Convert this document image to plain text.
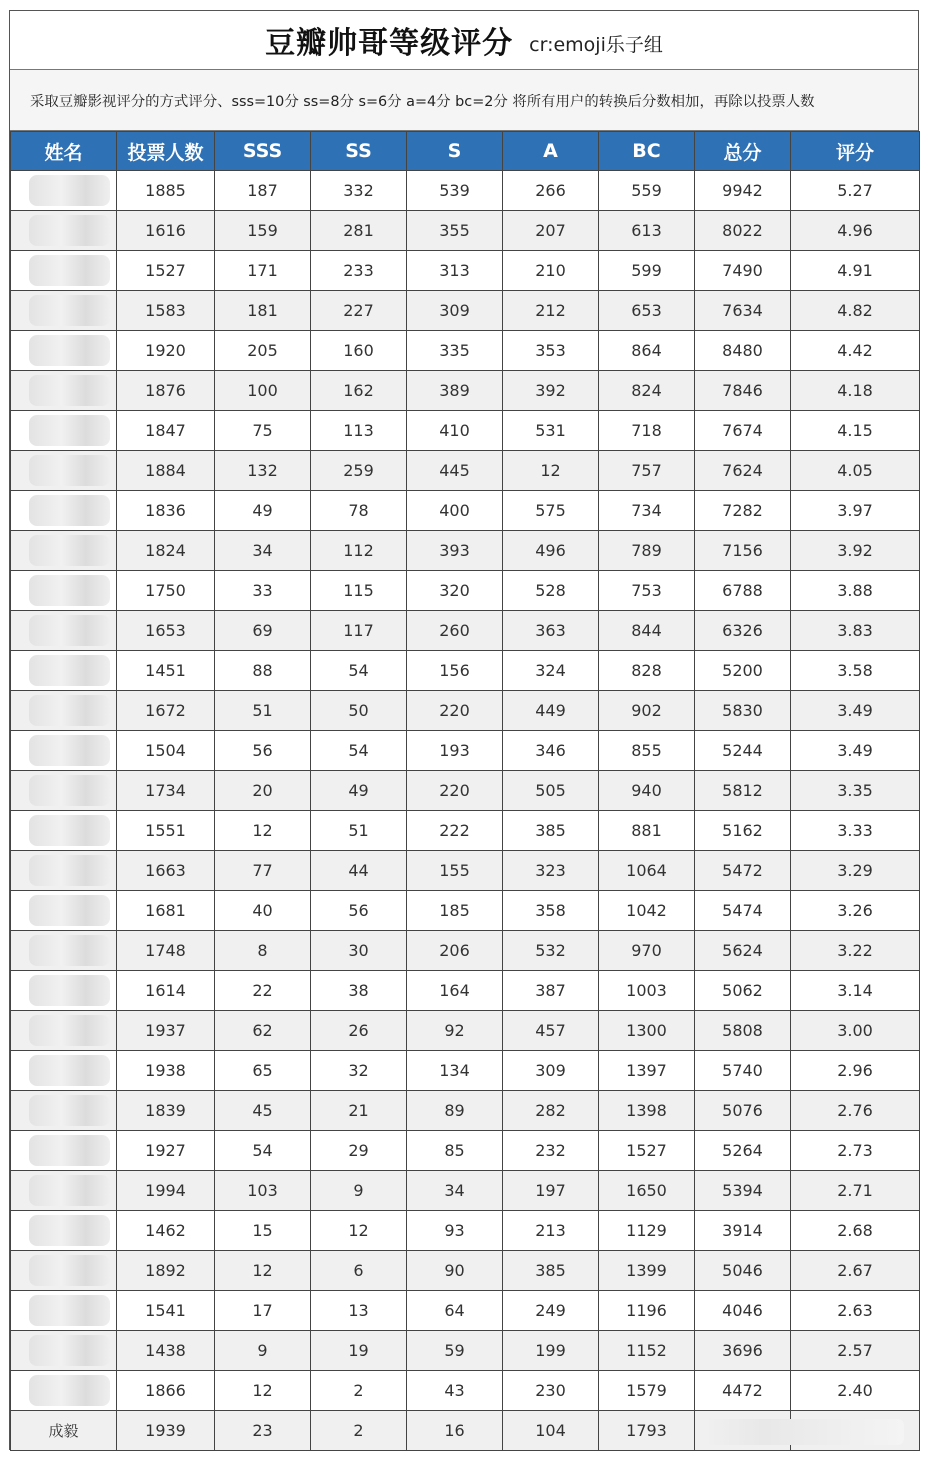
豆瓣帅哥等级评分 cr:emoji乐子组
采取豆瓣影视评分的方式评分、sss=10分 ss=8分 s=6分 a=4分 bc=2分 将所有用户的转换后分数相加，再除以投票人数
姓名	投票人数	SSS	SS	S	A	BC	总分	评分

	1885	187	332	539	266	559	9942	5.27

	1616	159	281	355	207	613	8022	4.96

	1527	171	233	313	210	599	7490	4.91

	1583	181	227	309	212	653	7634	4.82

	1920	205	160	335	353	864	8480	4.42

	1876	100	162	389	392	824	7846	4.18

	1847	75	113	410	531	718	7674	4.15

	1884	132	259	445	12	757	7624	4.05

	1836	49	78	400	575	734	7282	3.97

	1824	34	112	393	496	789	7156	3.92

	1750	33	115	320	528	753	6788	3.88

	1653	69	117	260	363	844	6326	3.83

	1451	88	54	156	324	828	5200	3.58

	1672	51	50	220	449	902	5830	3.49

	1504	56	54	193	346	855	5244	3.49

	1734	20	49	220	505	940	5812	3.35

	1551	12	51	222	385	881	5162	3.33

	1663	77	44	155	323	1064	5472	3.29

	1681	40	56	185	358	1042	5474	3.26

	1748	8	30	206	532	970	5624	3.22

	1614	22	38	164	387	1003	5062	3.14

	1937	62	26	92	457	1300	5808	3.00

	1938	65	32	134	309	1397	5740	2.96

	1839	45	21	89	282	1398	5076	2.76

	1927	54	29	85	232	1527	5264	2.73

	1994	103	9	34	197	1650	5394	2.71

	1462	15	12	93	213	1129	3914	2.68

	1892	12	6	90	385	1399	5046	2.67

	1541	17	13	64	249	1196	4046	2.63

	1438	9	19	59	199	1152	3696	2.57

	1866	12	2	43	230	1579	4472	2.40
成毅	1939	23	2	16	104	1793		
